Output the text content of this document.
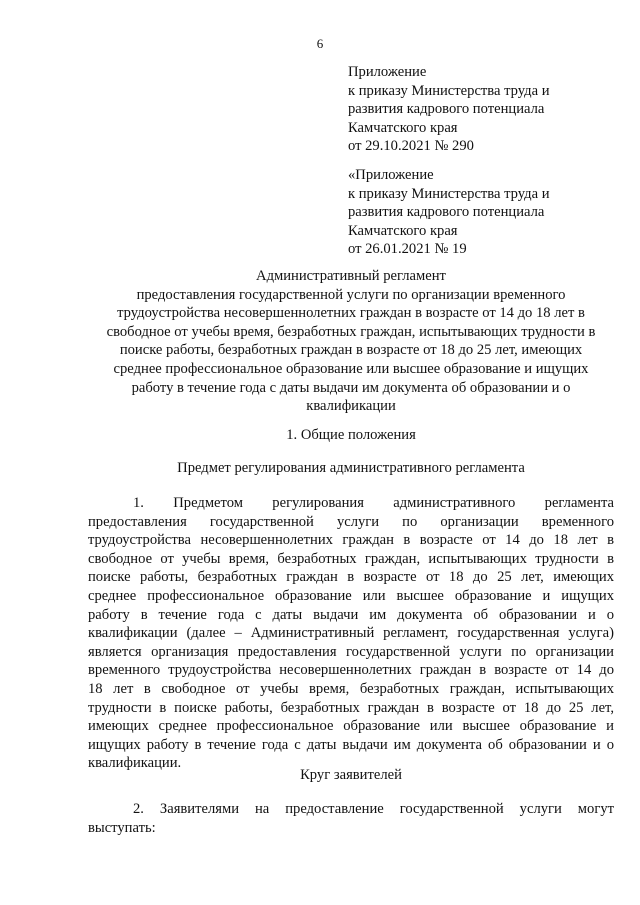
6
Приложение
к приказу Министерства труда и
развития кадрового потенциала
Камчатского края
от 29.10.2021 № 290
«Приложение
к приказу Министерства труда и
развития кадрового потенциала
Камчатского края
от 26.01.2021 № 19
Административный регламент
предоставления государственной услуги по организации временного
трудоустройства несовершеннолетних граждан в возрасте от 14 до 18 лет в
свободное от учебы время, безработных граждан, испытывающих трудности в
поиске работы, безработных граждан в возрасте от 18 до 25 лет, имеющих
среднее профессиональное образование или высшее образование и ищущих
работу в течение года с даты выдачи им документа об образовании и о
квалификации
1. Общие положения
Предмет регулирования административного регламента
1. Предметом регулирования административного регламента
предоставления государственной услуги по организации временного
трудоустройства несовершеннолетних граждан в возрасте от 14 до 18 лет в
свободное от учебы время, безработных граждан, испытывающих трудности в
поиске работы, безработных граждан в возрасте от 18 до 25 лет, имеющих
среднее профессиональное образование или высшее образование и ищущих
работу в течение года с даты выдачи им документа об образовании и о
квалификации (далее – Административный регламент, государственная услуга)
является организация предоставления государственной услуги по организации
временного трудоустройства несовершеннолетних граждан в возрасте от 14 до
18 лет в свободное от учебы время, безработных граждан, испытывающих
трудности в поиске работы, безработных граждан в возрасте от 18 до 25 лет,
имеющих среднее профессиональное образование или высшее образование и
ищущих работу в течение года с даты выдачи им документа об образовании и о
квалификации.
Круг заявителей
2. Заявителями на предоставление государственной услуги могут
выступать:
